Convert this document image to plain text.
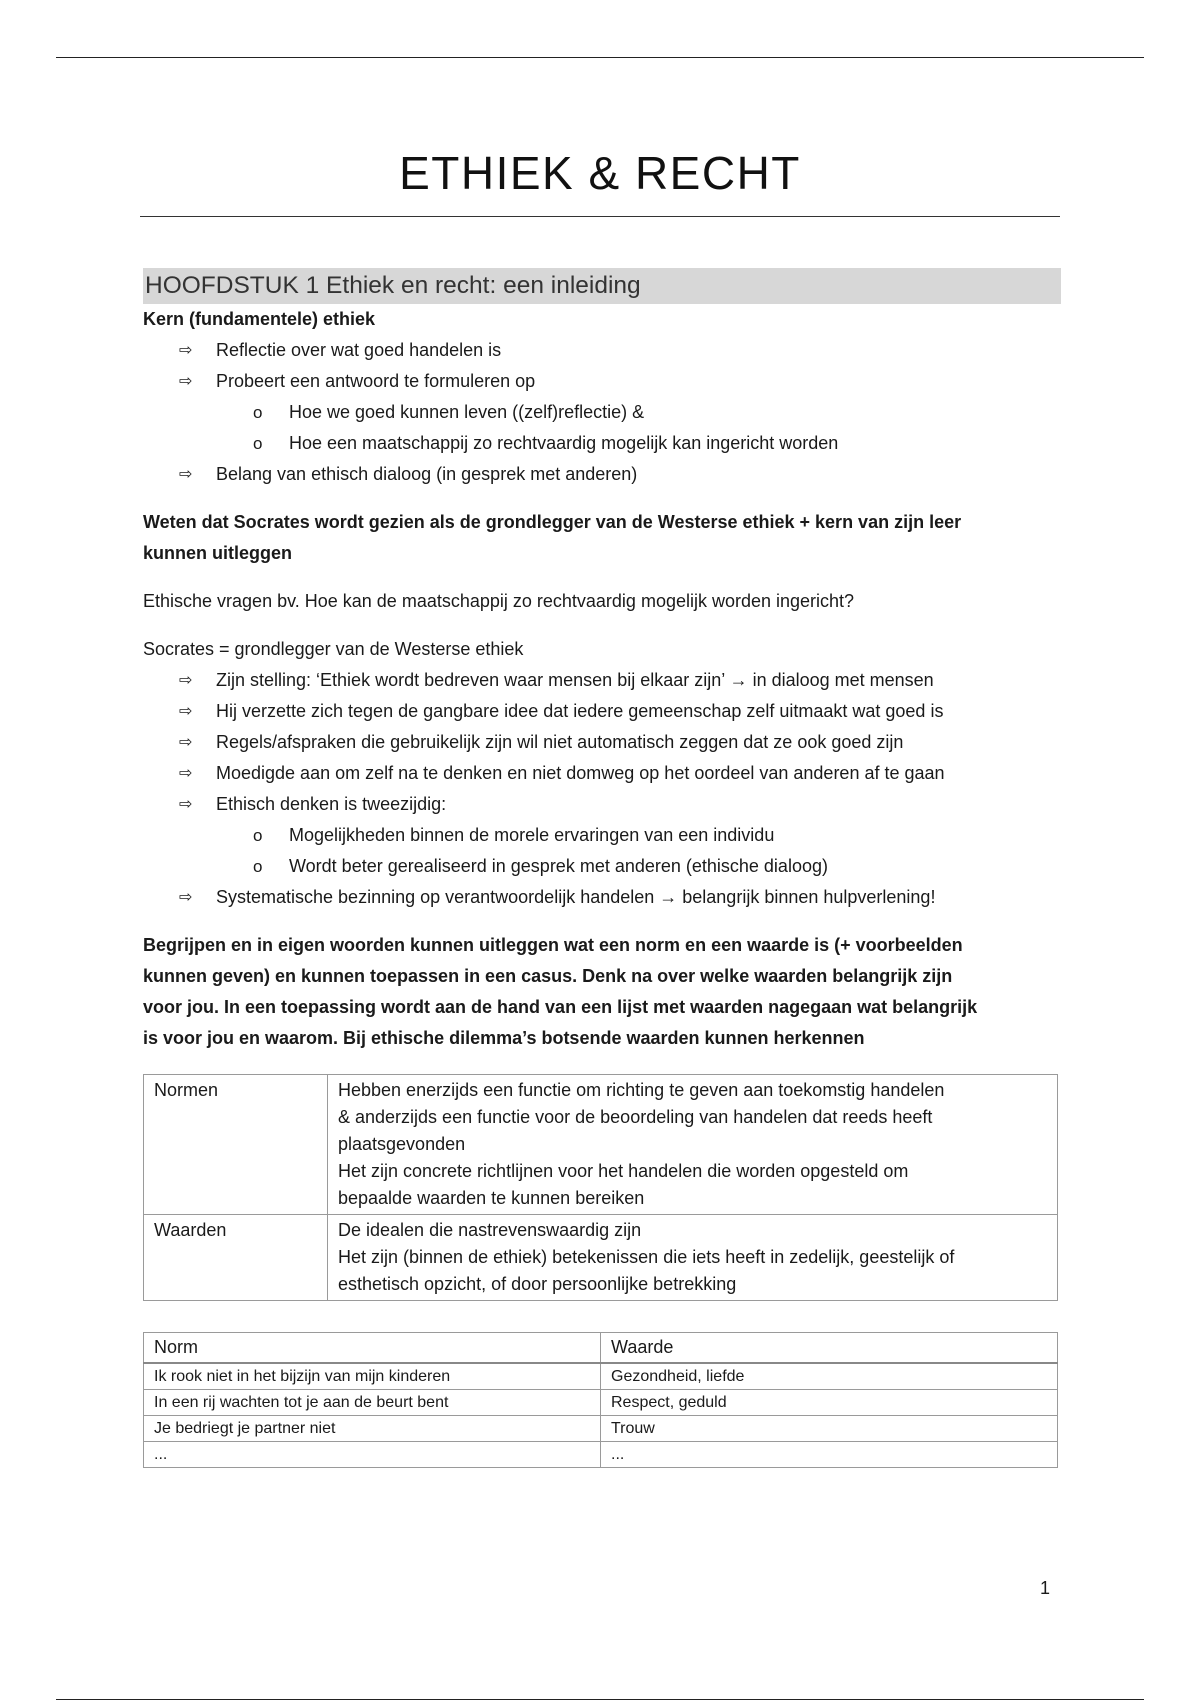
ETHIEK & RECHT
HOOFDSTUK 1 Ethiek en recht: een inleiding
Kern (fundamentele) ethiek
⇨ Reflectie over wat goed handelen is
⇨ Probeert een antwoord te formuleren op
o Hoe we goed kunnen leven ((zelf)reflectie) &
o Hoe een maatschappij zo rechtvaardig mogelijk kan ingericht worden
⇨ Belang van ethisch dialoog (in gesprek met anderen)
Weten dat Socrates wordt gezien als de grondlegger van de Westerse ethiek + kern van zijn leer
kunnen uitleggen
Ethische vragen bv. Hoe kan de maatschappij zo rechtvaardig mogelijk worden ingericht?
Socrates = grondlegger van de Westerse ethiek
⇨ Zijn stelling: ‘Ethiek wordt bedreven waar mensen bij elkaar zijn’ → in dialoog met mensen
⇨ Hij verzette zich tegen de gangbare idee dat iedere gemeenschap zelf uitmaakt wat goed is
⇨ Regels/afspraken die gebruikelijk zijn wil niet automatisch zeggen dat ze ook goed zijn
⇨ Moedigde aan om zelf na te denken en niet domweg op het oordeel van anderen af te gaan
⇨ Ethisch denken is tweezijdig:
o Mogelijkheden binnen de morele ervaringen van een individu
o Wordt beter gerealiseerd in gesprek met anderen (ethische dialoog)
⇨ Systematische bezinning op verantwoordelijk handelen → belangrijk binnen hulpverlening!
Begrijpen en in eigen woorden kunnen uitleggen wat een norm en een waarde is (+ voorbeelden
kunnen geven) en kunnen toepassen in een casus. Denk na over welke waarden belangrijk zijn
voor jou. In een toepassing wordt aan de hand van een lijst met waarden nagegaan wat belangrijk
is voor jou en waarom. Bij ethische dilemma’s botsende waarden kunnen herkennen
Normen	Hebben enerzijds een functie om richting te geven aan toekomstig handelen
& anderzijds een functie voor de beoordeling van handelen dat reeds heeft
plaatsgevonden
Het zijn concrete richtlijnen voor het handelen die worden opgesteld om
bepaalde waarden te kunnen bereiken

Waarden	De idealen die nastrevenswaardig zijn
Het zijn (binnen de ethiek) betekenissen die iets heeft in zedelijk, geestelijk of
esthetisch opzicht, of door persoonlijke betrekking
Norm	Waarde
Ik rook niet in het bijzijn van mijn kinderen	Gezondheid, liefde
In een rij wachten tot je aan de beurt bent	Respect, geduld
Je bedriegt je partner niet	Trouw
...	...
1
